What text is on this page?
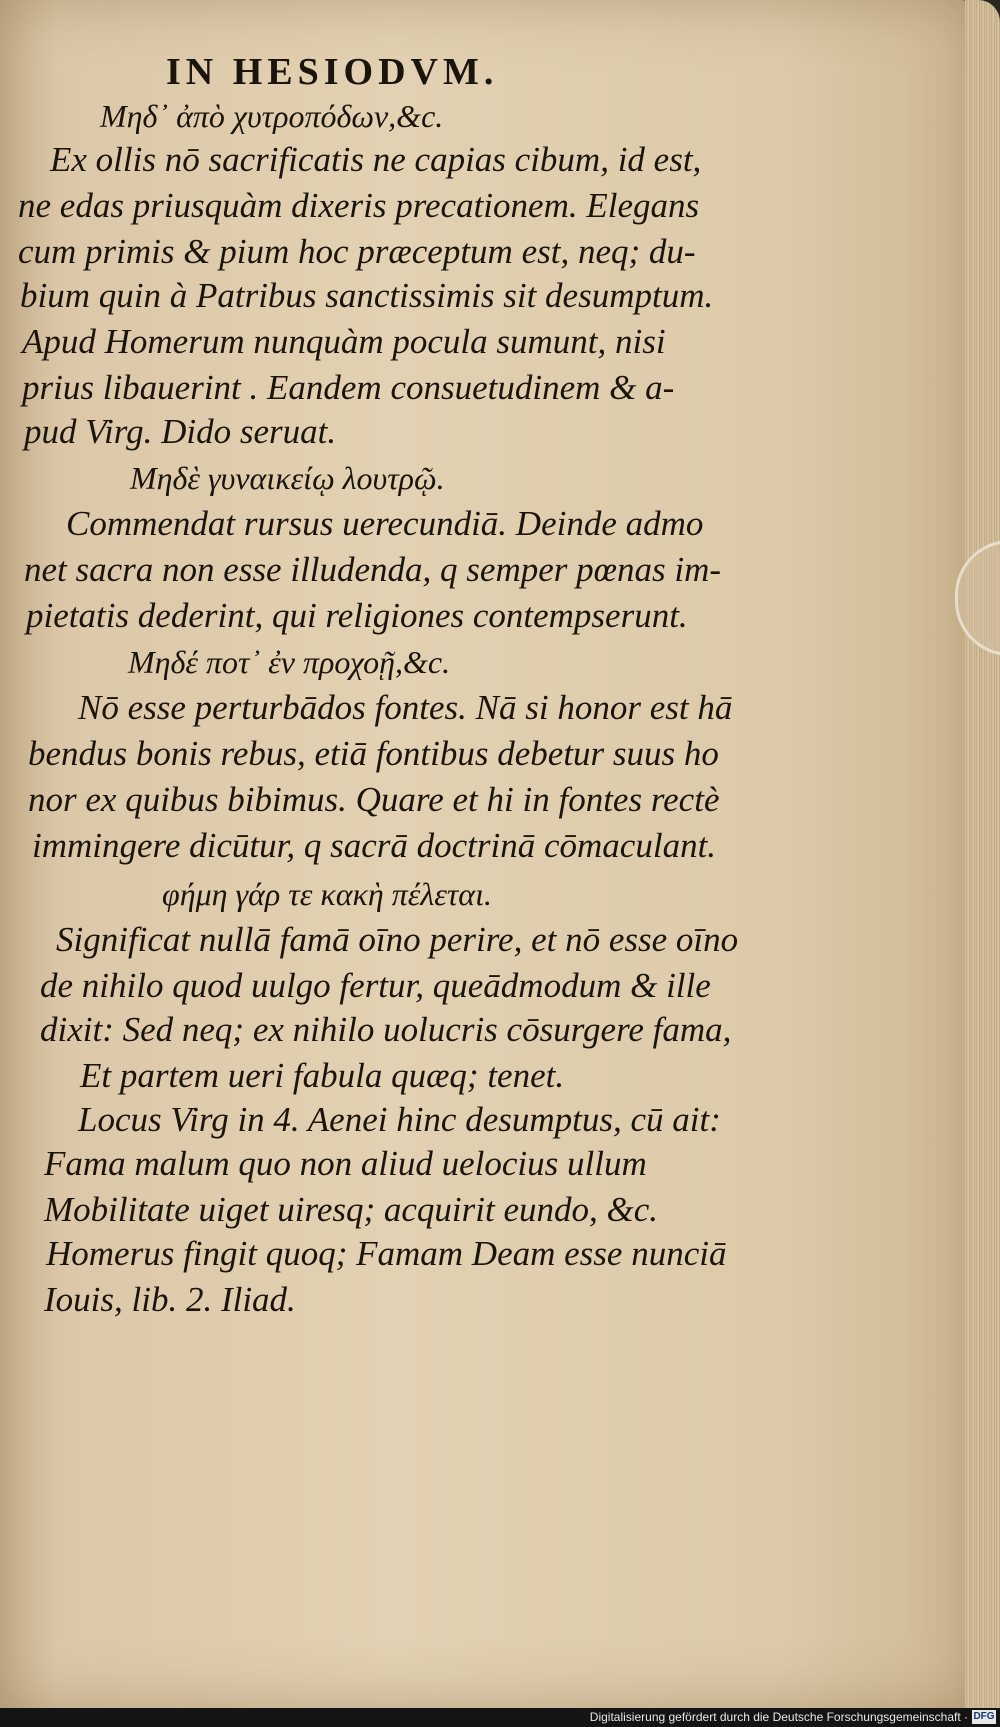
IN HESIODVM.
Μηδ᾽ ἀπὸ χυτροπόδων,&c.
Ex ollis nō sacrificatis ne capias cibum, id est,
ne edas priusquàm dixeris precationem. Elegans
cum primis & pium hoc præceptum est, neq; du-
bium quin à Patribus sanctissimis sit desumptum.
Apud Homerum nunquàm pocula sumunt, nisi
prius libauerint . Eandem consuetudinem & a-
pud Virg. Dido seruat.
Μηδὲ γυναικείῳ λουτρῷ.
Commendat rursus uerecundiā. Deinde admo
net sacra non esse illudenda, q semper pœnas im-
pietatis dederint, qui religiones contempserunt.
Μηδέ ποτ᾽ ἐν προχοῇ,&c.
Nō esse perturbādos fontes. Nā si honor est hā
bendus bonis rebus, etiā fontibus debetur suus ho
nor ex quibus bibimus. Quare et hi in fontes rectè
immingere dicūtur, q sacrā doctrinā cōmaculant.
φήμη γάρ τε κακὴ πέλεται.
Significat nullā famā oīno perire, et nō esse oīno
de nihilo quod uulgo fertur, queādmodum & ille
dixit: Sed neq; ex nihilo uolucris cōsurgere fama,
Et partem ueri fabula quæq; tenet.
Locus Virg in 4. Aenei hinc desumptus, cū ait:
Fama malum quo non aliud uelocius ullum
Mobilitate uiget uiresq; acquirit eundo, &c.
Homerus fingit quoq; Famam Deam esse nunciā
Iouis, lib. 2. Iliad.
Digitalisierung gefördert durch die Deutsche Forschungsgemeinschaft · DFG
